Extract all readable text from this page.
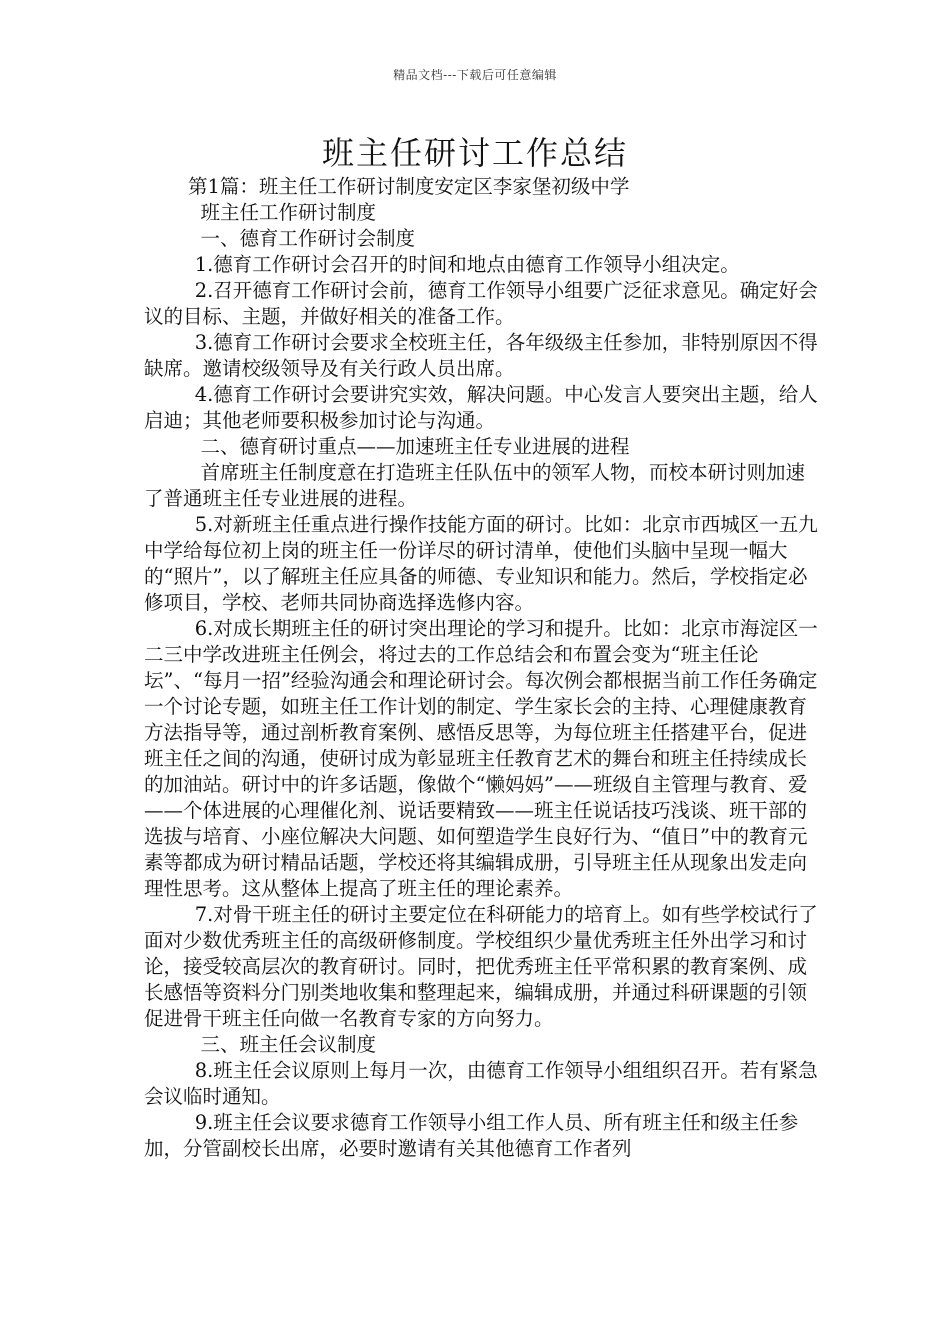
精品文档---下载后可任意编辑
班主任研讨工作总结

第1篇：班主任工作研讨制度安定区李家堡初级中学

班主任工作研讨制度

一、德育工作研讨会制度

1.德育工作研讨会召开的时间和地点由德育工作领导小组决定。

2.召开德育工作研讨会前，德育工作领导小组要广泛征求意见。确定好会议的目标、主题，并做好相关的准备工作。

3.德育工作研讨会要求全校班主任，各年级级主任参加，非特别原因不得缺席。邀请校级领导及有关行政人员出席。

4.德育工作研讨会要讲究实效，解决问题。中心发言人要突出主题，给人启迪；其他老师要积极参加讨论与沟通。

二、德育研讨重点——加速班主任专业进展的进程

首席班主任制度意在打造班主任队伍中的领军人物，而校本研讨则加速了普通班主任专业进展的进程。

5.对新班主任重点进行操作技能方面的研讨。比如：北京市西城区一五九中学给每位初上岗的班主任一份详尽的研讨清单，使他们头脑中呈现一幅大的“照片”，以了解班主任应具备的师德、专业知识和能力。然后，学校指定必修项目，学校、老师共同协商选择选修内容。

6.对成长期班主任的研讨突出理论的学习和提升。比如：北京市海淀区一二三中学改进班主任例会，将过去的工作总结会和布置会变为“班主任论坛”、“每月一招”经验沟通会和理论研讨会。每次例会都根据当前工作任务确定一个讨论专题，如班主任工作计划的制定、学生家长会的主持、心理健康教育方法指导等，通过剖析教育案例、感悟反思等，为每位班主任搭建平台，促进班主任之间的沟通，使研讨成为彰显班主任教育艺术的舞台和班主任持续成长的加油站。研讨中的许多话题，像做个“懒妈妈”——班级自主管理与教育、爱——个体进展的心理催化剂、说话要精致——班主任说话技巧浅谈、班干部的选拔与培育、小座位解决大问题、如何塑造学生良好行为、“值日”中的教育元素等都成为研讨精品话题，学校还将其编辑成册，引导班主任从现象出发走向理性思考。这从整体上提高了班主任的理论素养。

7.对骨干班主任的研讨主要定位在科研能力的培育上。如有些学校试行了面对少数优秀班主任的高级研修制度。学校组织少量优秀班主任外出学习和讨论，接受较高层次的教育研讨。同时，把优秀班主任平常积累的教育案例、成长感悟等资料分门别类地收集和整理起来，编辑成册，并通过科研课题的引领促进骨干班主任向做一名教育专家的方向努力。

三、班主任会议制度

8.班主任会议原则上每月一次，由德育工作领导小组组织召开。若有紧急会议临时通知。

9.班主任会议要求德育工作领导小组工作人员、所有班主任和级主任参加，分管副校长出席，必要时邀请有关其他德育工作者列
